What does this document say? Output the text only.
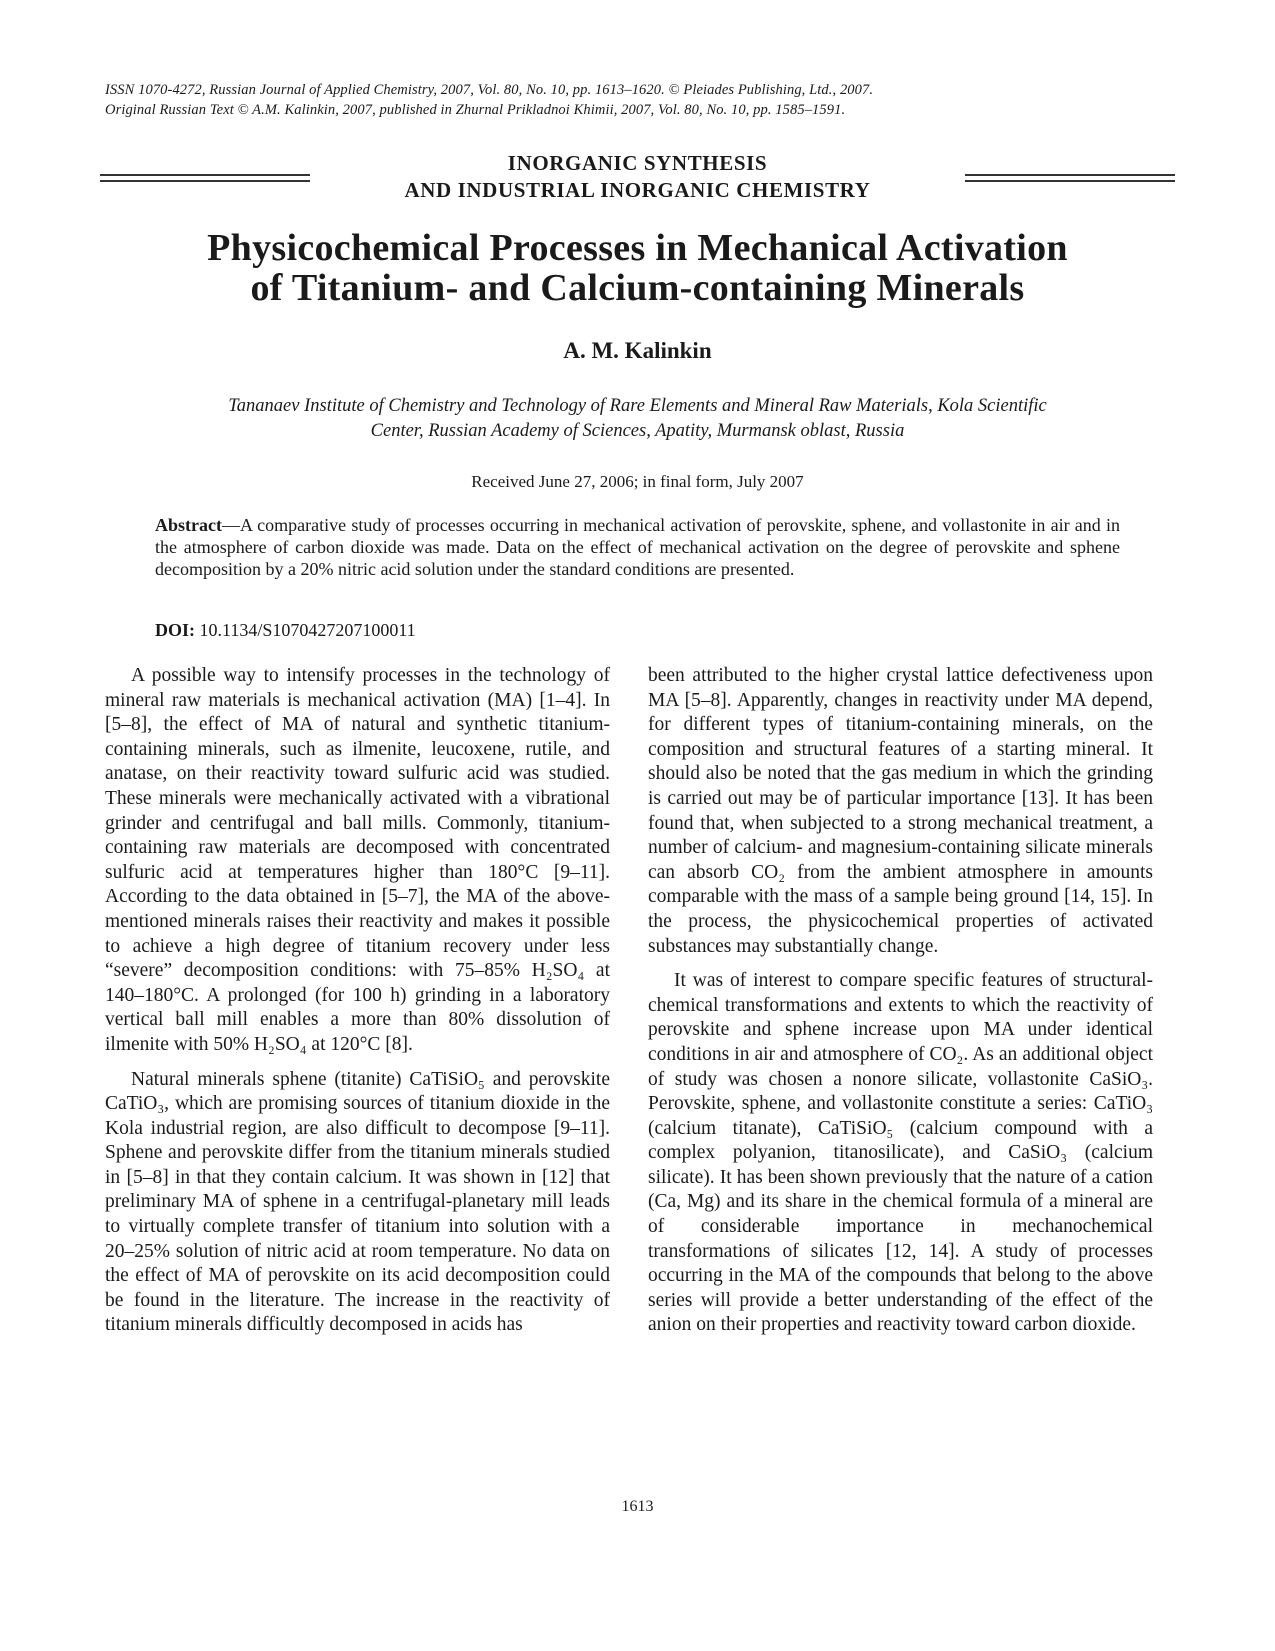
ISSN 1070-4272, Russian Journal of Applied Chemistry, 2007, Vol. 80, No. 10, pp. 1613–1620. © Pleiades Publishing, Ltd., 2007.
Original Russian Text © A.M. Kalinkin, 2007, published in Zhurnal Prikladnoi Khimii, 2007, Vol. 80, No. 10, pp. 1585–1591.
INORGANIC SYNTHESIS
AND INDUSTRIAL INORGANIC CHEMISTRY
Physicochemical Processes in Mechanical Activation
of Titanium- and Calcium-containing Minerals
A. M. Kalinkin
Tananaev Institute of Chemistry and Technology of Rare Elements and Mineral Raw Materials, Kola Scientific
Center, Russian Academy of Sciences, Apatity, Murmansk oblast, Russia
Received June 27, 2006; in final form, July 2007
Abstract—A comparative study of processes occurring in mechanical activation of perovskite, sphene, and vollastonite in air and in the atmosphere of carbon dioxide was made. Data on the effect of mechanical activation on the degree of perovskite and sphene decomposition by a 20% nitric acid solution under the standard conditions are presented.
DOI: 10.1134/S1070427207100011

A possible way to intensify processes in the technology of mineral raw materials is mechanical activation (MA) [1–4]. In [5–8], the effect of MA of natural and synthetic titanium-containing minerals, such as ilmenite, leucoxene, rutile, and anatase, on their reactivity toward sulfuric acid was studied. These minerals were mechanically activated with a vibrational grinder and centrifugal and ball mills. Commonly, titanium-containing raw materials are decomposed with concentrated sulfuric acid at temperatures higher than 180°C [9–11]. According to the data obtained in [5–7], the MA of the above-mentioned minerals raises their reactivity and makes it possible to achieve a high degree of titanium recovery under less “severe” decomposition conditions: with 75–85% H₂SO₄ at 140–180°C. A prolonged (for 100 h) grinding in a laboratory vertical ball mill enables a more than 80% dissolution of ilmenite with 50% H₂SO₄ at 120°C [8].

Natural minerals sphene (titanite) CaTiSiO₅ and perovskite CaTiO₃, which are promising sources of titanium dioxide in the Kola industrial region, are also difficult to decompose [9–11]. Sphene and perovskite differ from the titanium minerals studied in [5–8] in that they contain calcium. It was shown in [12] that preliminary MA of sphene in a centrifugal-planetary mill leads to virtually complete transfer of titanium into solution with a 20–25% solution of nitric acid at room temperature. No data on the effect of MA of perovskite on its acid decomposition could be found in the literature. The increase in the reactivity of titanium minerals difficultly decomposed in acids has

been attributed to the higher crystal lattice defectiveness upon MA [5–8]. Apparently, changes in reactivity under MA depend, for different types of titanium-containing minerals, on the composition and structural features of a starting mineral. It should also be noted that the gas medium in which the grinding is carried out may be of particular importance [13]. It has been found that, when subjected to a strong mechanical treatment, a number of calcium- and magnesium-containing silicate minerals can absorb CO₂ from the ambient atmosphere in amounts comparable with the mass of a sample being ground [14, 15]. In the process, the physicochemical properties of activated substances may substantially change.

It was of interest to compare specific features of structural-chemical transformations and extents to which the reactivity of perovskite and sphene increase upon MA under identical conditions in air and atmosphere of CO₂. As an additional object of study was chosen a nonore silicate, vollastonite CaSiO₃. Perovskite, sphene, and vollastonite constitute a series: CaTiO₃ (calcium titanate), CaTiSiO₅ (calcium compound with a complex polyanion, titanosilicate), and CaSiO₃ (calcium silicate). It has been shown previously that the nature of a cation (Ca, Mg) and its share in the chemical formula of a mineral are of considerable importance in mechanochemical transformations of silicates [12, 14]. A study of processes occurring in the MA of the compounds that belong to the above series will provide a better understanding of the effect of the anion on their properties and reactivity toward carbon dioxide.

1613
